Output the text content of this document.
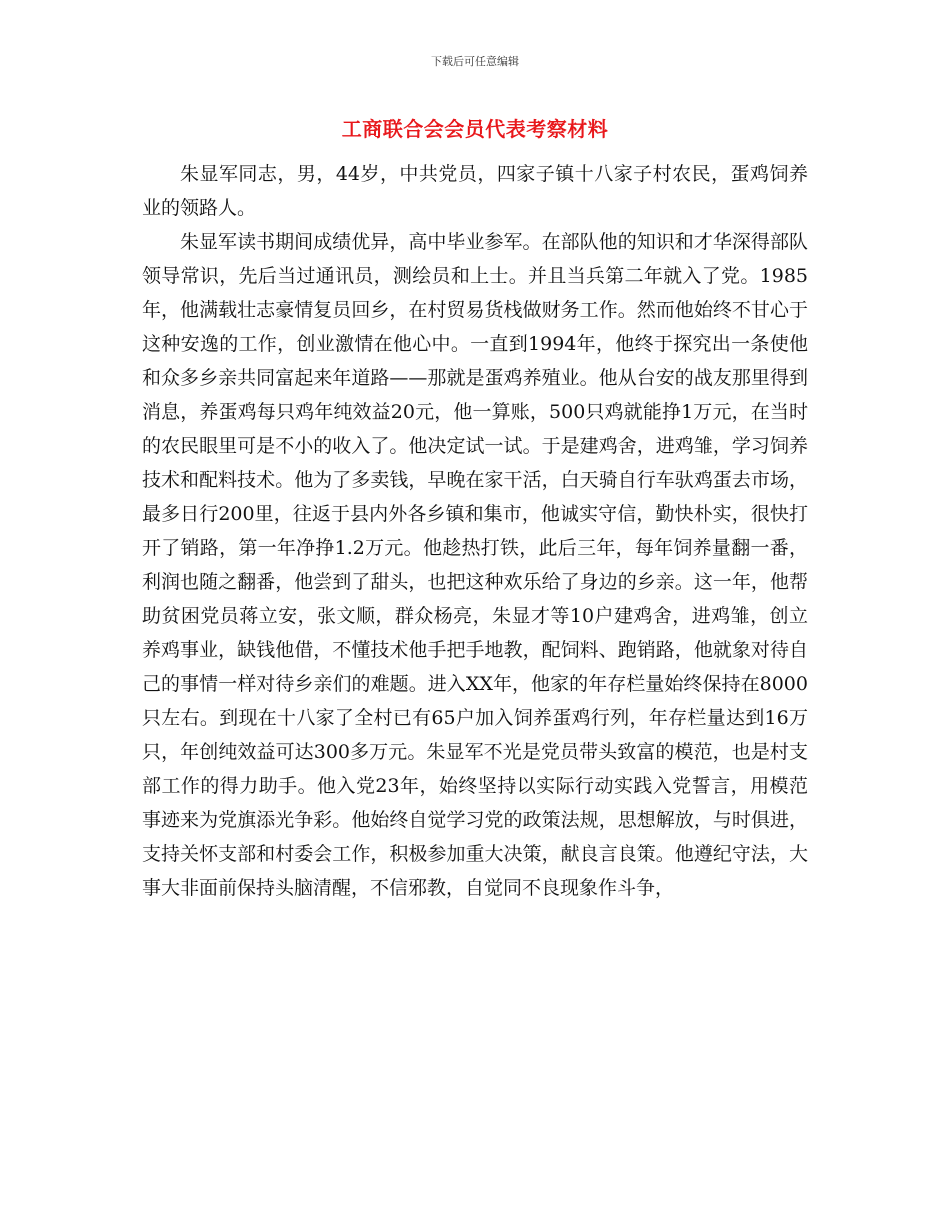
下载后可任意编辑
工商联合会会员代表考察材料

朱显军同志，男，44岁，中共党员，四家子镇十八家子村农民，蛋鸡饲养业的领路人。

朱显军读书期间成绩优异，高中毕业参军。在部队他的知识和才华深得部队领导常识，先后当过通讯员，测绘员和上士。并且当兵第二年就入了党。1985年，他满载壮志豪情复员回乡，在村贸易货栈做财务工作。然而他始终不甘心于这种安逸的工作，创业激情在他心中。一直到1994年，他终于探究出一条使他和众多乡亲共同富起来年道路——那就是蛋鸡养殖业。他从台安的战友那里得到消息，养蛋鸡每只鸡年纯效益20元，他一算账，500只鸡就能挣1万元，在当时的农民眼里可是不小的收入了。他决定试一试。于是建鸡舍，进鸡雏，学习饲养技术和配料技术。他为了多卖钱，早晚在家干活，白天骑自行车驮鸡蛋去市场，最多日行200里，往返于县内外各乡镇和集市，他诚实守信，勤快朴实，很快打开了销路，第一年净挣1.2万元。他趁热打铁，此后三年，每年饲养量翻一番，利润也随之翻番，他尝到了甜头，也把这种欢乐给了身边的乡亲。这一年，他帮助贫困党员蒋立安，张文顺，群众杨亮，朱显才等10户建鸡舍，进鸡雏，创立养鸡事业，缺钱他借，不懂技术他手把手地教，配饲料、跑销路，他就象对待自己的事情一样对待乡亲们的难题。进入XX年，他家的年存栏量始终保持在8000只左右。到现在十八家了全村已有65户加入饲养蛋鸡行列，年存栏量达到16万只，年创纯效益可达300多万元。朱显军不光是党员带头致富的模范，也是村支部工作的得力助手。他入党23年，始终坚持以实际行动实践入党誓言，用模范事迹来为党旗添光争彩。他始终自觉学习党的政策法规，思想解放，与时俱进，支持关怀支部和村委会工作，积极参加重大决策，献良言良策。他遵纪守法，大事大非面前保持头脑清醒，不信邪教，自觉同不良现象作斗争，
